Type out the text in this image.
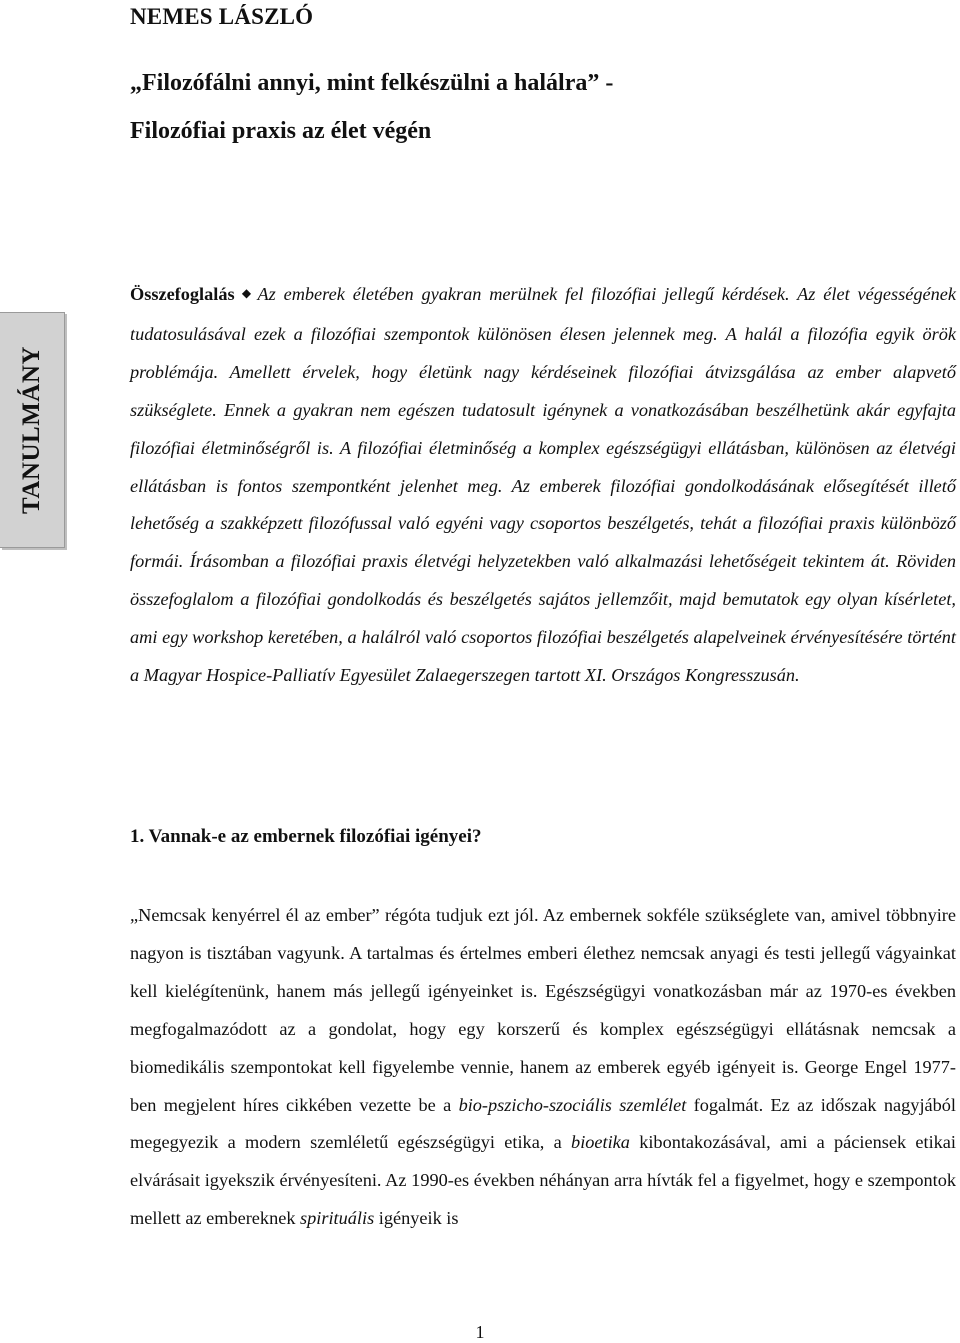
NEMES LÁSZLÓ
„Filozófálni annyi, mint felkészülni a halálra” -
Filozófiai praxis az élet végén
TANULMÁNY
Összefoglalás ◆ Az emberek életében gyakran merülnek fel filozófiai jellegű kérdések. Az élet végességének tudatosulásával ezek a filozófiai szempontok különösen élesen jelennek meg. A halál a filozófia egyik örök problémája. Amellett érvelek, hogy életünk nagy kérdéseinek filozófiai átvizsgálása az ember alapvető szükséglete. Ennek a gyakran nem egészen tudatosult igénynek a vonatkozásában beszélhetünk akár egyfajta filozófiai életminőségről is. A filozófiai életminőség a komplex egészségügyi ellátásban, különösen az életvégi ellátásban is fontos szempontként jelenhet meg. Az emberek filozófiai gondolkodásának elősegítését illető lehetőség a szakképzett filozófussal való egyéni vagy csoportos beszélgetés, tehát a filozófiai praxis különböző formái. Írásomban a filozófiai praxis életvégi helyzetekben való alkalmazási lehetőségeit tekintem át. Röviden összefoglalom a filozófiai gondolkodás és beszélgetés sajátos jellemzőit, majd bemutatok egy olyan kísérletet, ami egy workshop keretében, a halálról való csoportos filozófiai beszélgetés alapelveinek érvényesítésére történt a Magyar Hospice-Palliatív Egyesület Zalaegerszegen tartott XI. Országos Kongresszusán.
1. Vannak-e az embernek filozófiai igényei?
„Nemcsak kenyérrel él az ember” régóta tudjuk ezt jól. Az embernek sokféle szükséglete van, amivel többnyire nagyon is tisztában vagyunk. A tartalmas és értelmes emberi élethez nemcsak anyagi és testi jellegű vágyainkat kell kielégítenünk, hanem más jellegű igényeinket is. Egészségügyi vonatkozásban már az 1970-es években megfogalmazódott az a gondolat, hogy egy korszerű és komplex egészségügyi ellátásnak nemcsak a biomedikális szempontokat kell figyelembe vennie, hanem az emberek egyéb igényeit is. George Engel 1977-ben megjelent híres cikkében vezette be a bio-pszicho-szociális szemlélet fogalmát. Ez az időszak nagyjából megegyezik a modern szemléletű egészségügyi etika, a bioetika kibontakozásával, ami a páciensek etikai elvárásait igyekszik érvényesíteni. Az 1990-es években néhányan arra hívták fel a figyelmet, hogy e szempontok mellett az embereknek spirituális igényeik is
1
